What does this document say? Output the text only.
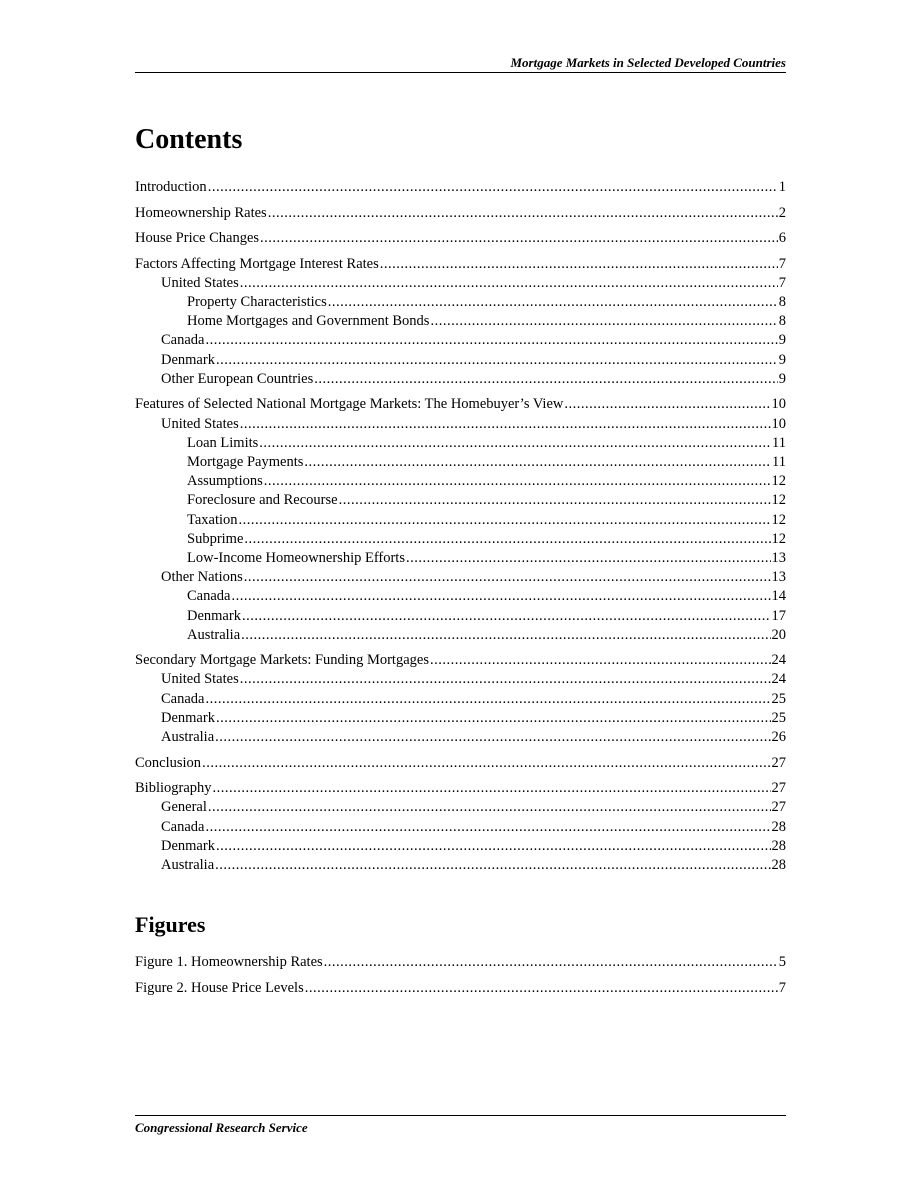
Mortgage Markets in Selected Developed Countries
Contents
Introduction .....	1
Homeownership Rates .....	2
House Price Changes .....	6
Factors Affecting Mortgage Interest Rates .....	7
United States .....	7
Property Characteristics .....	8
Home Mortgages and Government Bonds .....	8
Canada .....	9
Denmark .....	9
Other European Countries .....	9
Features of Selected National Mortgage Markets: The Homebuyer’s View .....	10
United States .....	10
Loan Limits .....	11
Mortgage Payments .....	11
Assumptions .....	12
Foreclosure and Recourse .....	12
Taxation .....	12
Subprime .....	12
Low-Income Homeownership Efforts .....	13
Other Nations .....	13
Canada .....	14
Denmark .....	17
Australia .....	20
Secondary Mortgage Markets: Funding Mortgages .....	24
United States .....	24
Canada .....	25
Denmark .....	25
Australia .....	26
Conclusion .....	27
Bibliography .....	27
General .....	27
Canada .....	28
Denmark .....	28
Australia .....	28
Figures
Figure 1. Homeownership Rates .....	5
Figure 2. House Price Levels .....	7
Congressional Research Service
